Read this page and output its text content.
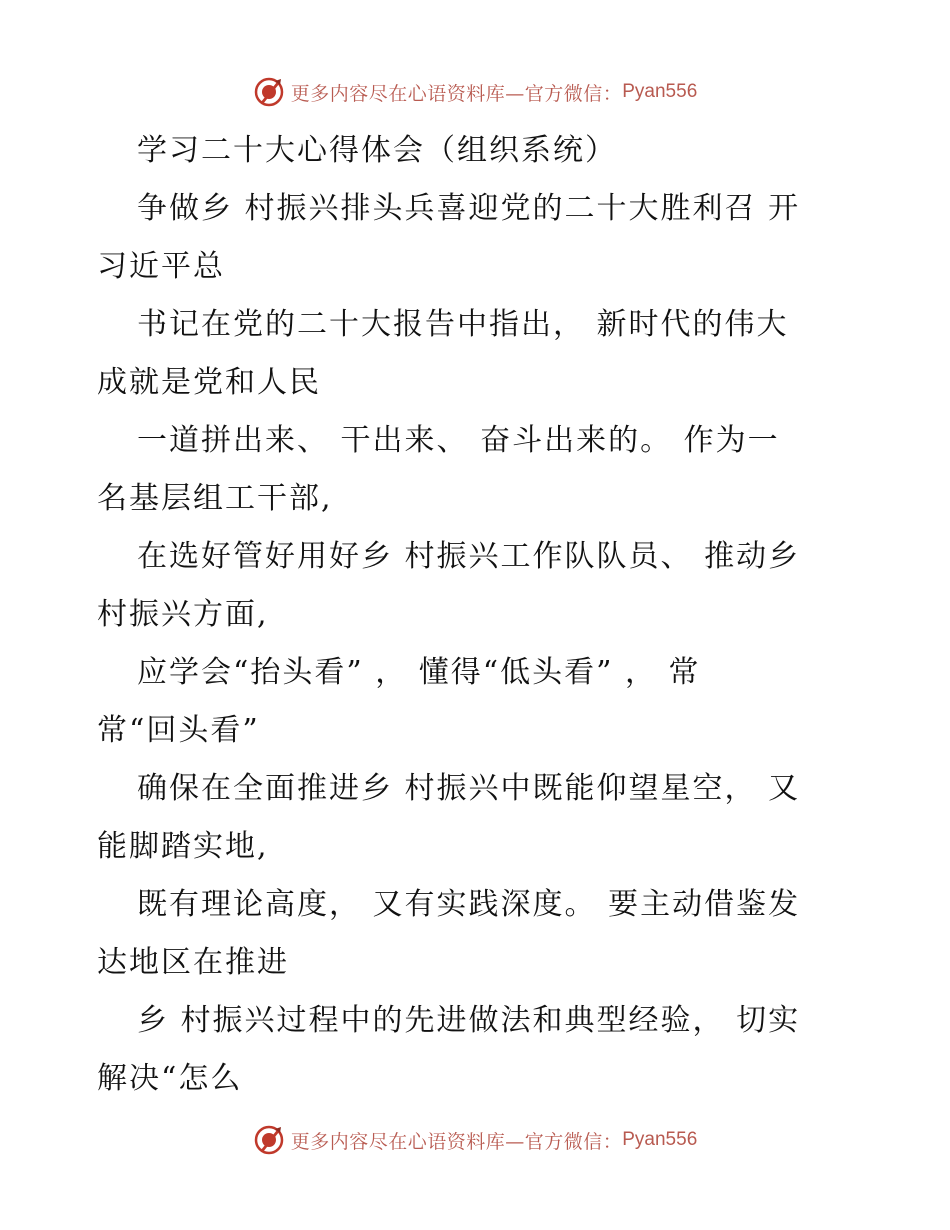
更多内容尽在心语资料库—官方微信： Pyan556
学习二十大心得体会（组织系统）
争做乡 村振兴排头兵喜迎党的二十大胜利召 开
习近平总
书记在党的二十大报告中指出， 新时代的伟大
成就是党和人民
一道拼出来、 干出来、 奋斗出来的。 作为一
名基层组工干部,
在选好管好用好乡 村振兴工作队队员、 推动乡
村振兴方面,
应学会“抬头看” ， 懂得“低头看” ， 常
常“回头看”
确保在全面推进乡 村振兴中既能仰望星空， 又
能脚踏实地,
既有理论高度， 又有实践深度。 要主动借鉴发
达地区在推进
乡 村振兴过程中的先进做法和典型经验， 切实
解决“怎么
更多内容尽在心语资料库—官方微信： Pyan556
